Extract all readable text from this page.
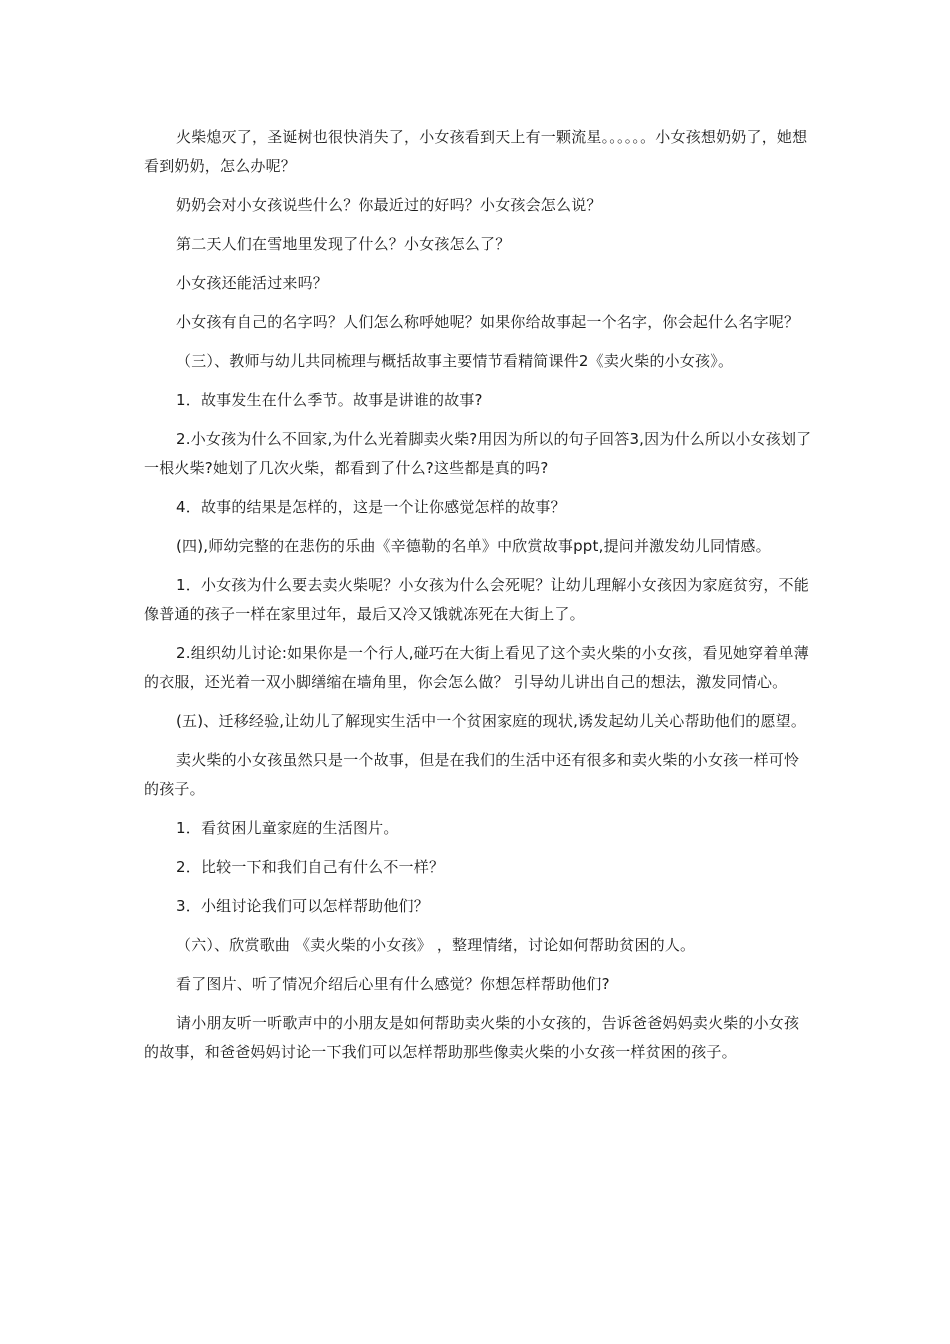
火柴熄灭了，圣诞树也很快消失了，小女孩看到天上有一颗流星。。。。。。小女孩想奶奶了，她想看到奶奶，怎么办呢？

奶奶会对小女孩说些什么？你最近过的好吗？小女孩会怎么说？

第二天人们在雪地里发现了什么？小女孩怎么了？

小女孩还能活过来吗？

小女孩有自己的名字吗？人们怎么称呼她呢？如果你给故事起一个名字，你会起什么名字呢？

（三）、教师与幼儿共同梳理与概括故事主要情节看精简课件2《卖火柴的小女孩》。

1．故事发生在什么季节。故事是讲谁的故事?

2.小女孩为什么不回家,为什么光着脚卖火柴?用因为所以的句子回答3,因为什么所以小女孩划了一根火柴?她划了几次火柴，都看到了什么?这些都是真的吗?

4．故事的结果是怎样的，这是一个让你感觉怎样的故事？

(四),师幼完整的在悲伤的乐曲《辛德勒的名单》中欣赏故事ppt,提问并激发幼儿同情感。

1．小女孩为什么要去卖火柴呢？小女孩为什么会死呢？让幼儿理解小女孩因为家庭贫穷，不能像普通的孩子一样在家里过年，最后又冷又饿就冻死在大街上了。

2.组织幼儿讨论:如果你是一个行人,碰巧在大街上看见了这个卖火柴的小女孩，看见她穿着单薄的衣服，还光着一双小脚缮缩在墙角里，你会怎么做？ 引导幼儿讲出自己的想法，激发同情心。

(五)、迁移经验,让幼儿了解现实生活中一个贫困家庭的现状,诱发起幼儿关心帮助他们的愿望。

卖火柴的小女孩虽然只是一个故事，但是在我们的生活中还有很多和卖火柴的小女孩一样可怜的孩子。

1．看贫困儿童家庭的生活图片。

2．比较一下和我们自己有什么不一样？

3．小组讨论我们可以怎样帮助他们？

（六）、欣赏歌曲 《卖火柴的小女孩》 ，整理情绪，讨论如何帮助贫困的人。

看了图片、听了情况介绍后心里有什么感觉？你想怎样帮助他们?

请小朋友听一听歌声中的小朋友是如何帮助卖火柴的小女孩的，告诉爸爸妈妈卖火柴的小女孩的故事，和爸爸妈妈讨论一下我们可以怎样帮助那些像卖火柴的小女孩一样贫困的孩子。
